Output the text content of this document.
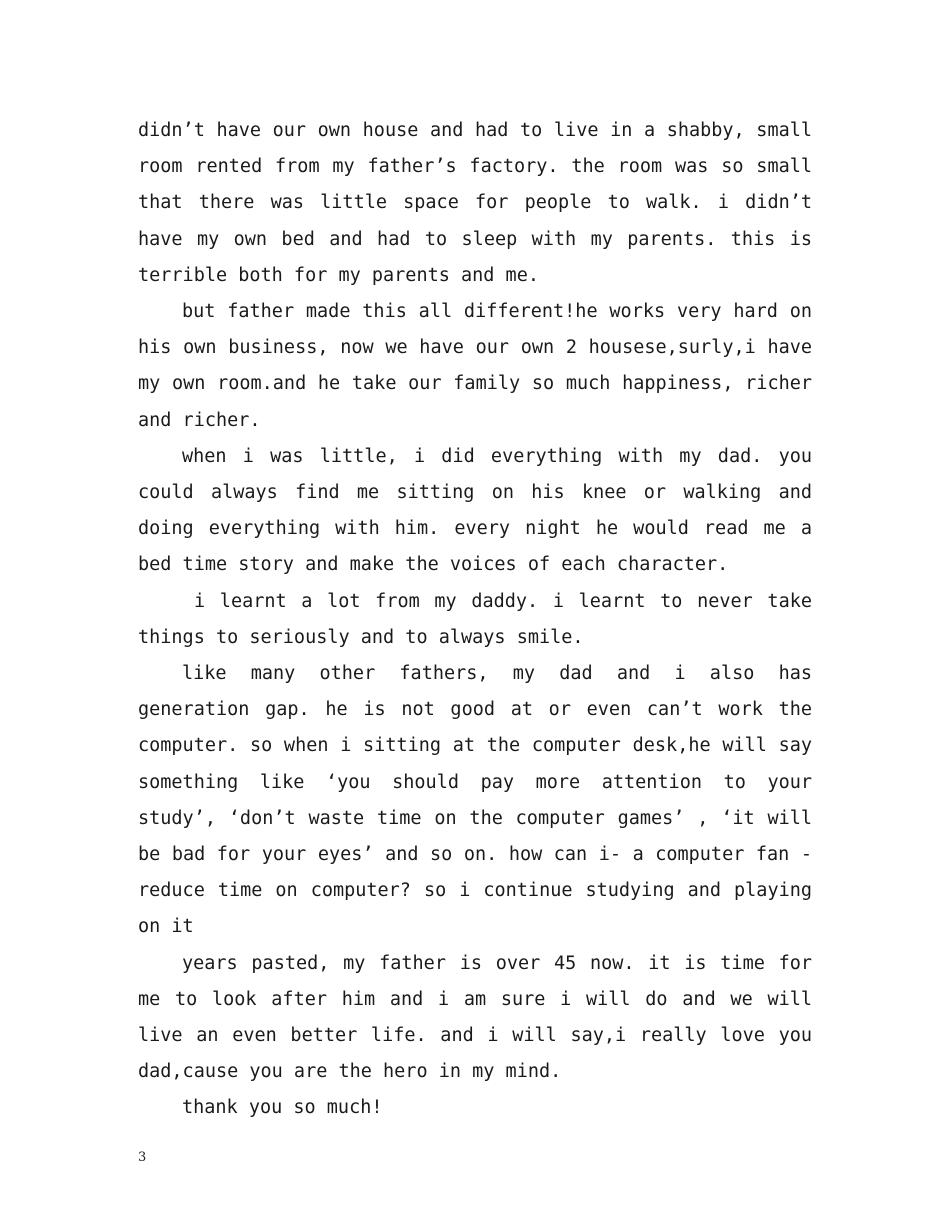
didn’t have our own house and had to live in a shabby, small room rented from my father’s factory. the room was so small that there was little space for people to walk. i didn’t have my own bed and had to sleep with my parents. this is terrible both for my parents and me.

but father made this all different!he works very hard on his own business, now we have our own 2 housese,surly,i have my own room.and he take our family so much happiness, richer and richer.

when i was little, i did everything with my dad. you could always find me sitting on his knee or walking and doing everything with him. every night he would read me a bed time story and make the voices of each character.

i learnt a lot from my daddy. i learnt to never take things to seriously and to always smile.

like many other fathers, my dad and i also has generation gap. he is not good at or even can’t work the computer. so when i sitting at the computer desk,he will say something like ‘you should pay more attention to your study’, ‘don’t waste time on the computer games’ , ‘it will be bad for your eyes’ and so on. how can i- a computer fan - reduce time on computer? so i continue studying and playing on it

years pasted, my father is over 45 now. it is time for me to look after him and i am sure i will do and we will live an even better life. and i will say,i really love you dad,cause you are the hero in my mind.

thank you so much!

3
